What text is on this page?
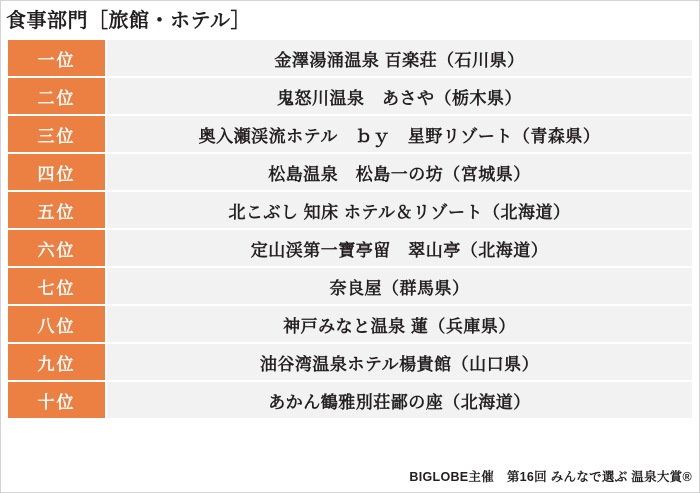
食事部門［旅館・ホテル］
一位	金澤湯涌温泉 百楽荘（石川県）
二位	鬼怒川温泉　あさや（栃木県）
三位	奥入瀬渓流ホテル　ｂｙ　星野リゾート（青森県）
四位	松島温泉　松島一の坊（宮城県）
五位	北こぶし 知床 ホテル＆リゾート（北海道）
六位	定山渓第一寶亭留　翠山亭（北海道）
七位	奈良屋（群馬県）
八位	神戸みなと温泉 蓮（兵庫県）
九位	油谷湾温泉ホテル楊貴館（山口県）
十位	あかん鶴雅別荘鄙の座（北海道）
BIGLOBE主催　第16回 みんなで選ぶ 温泉大賞®
